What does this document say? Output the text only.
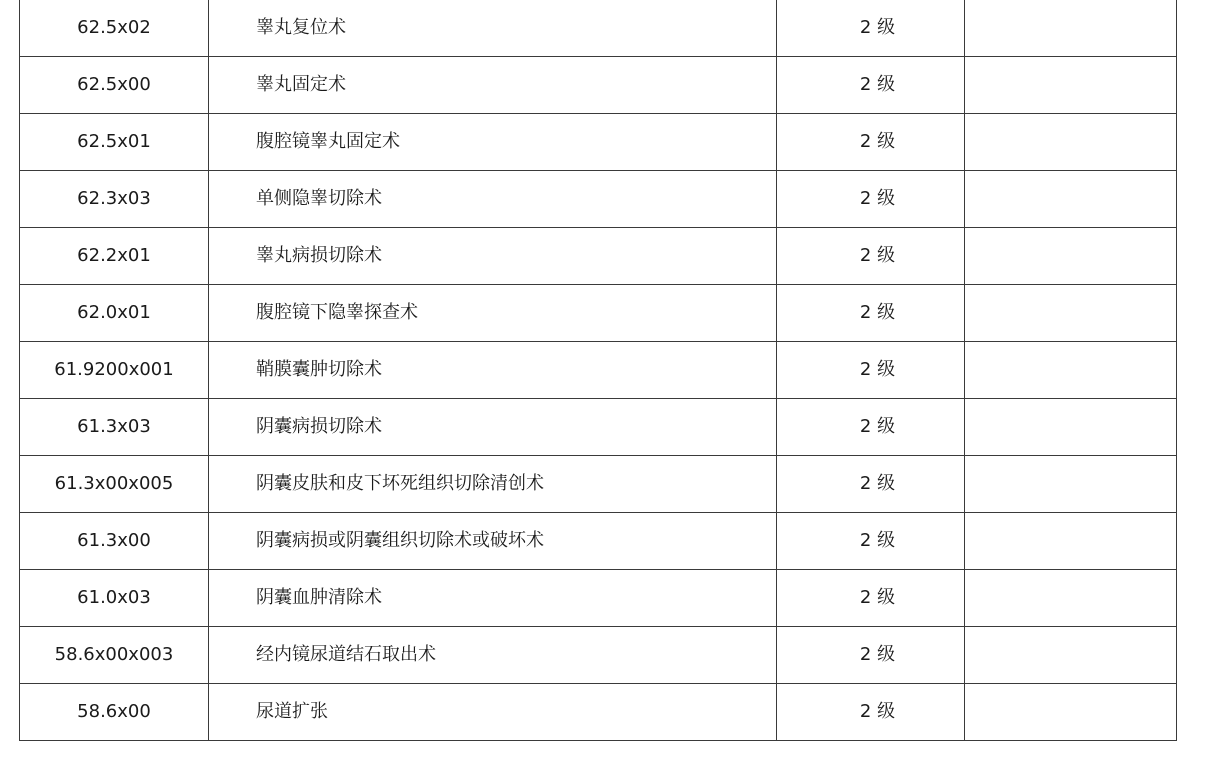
62.5x02	睾丸复位术	2 级	
62.5x00	睾丸固定术	2 级	
62.5x01	腹腔镜睾丸固定术	2 级	
62.3x03	单侧隐睾切除术	2 级	
62.2x01	睾丸病损切除术	2 级	
62.0x01	腹腔镜下隐睾探查术	2 级	
61.9200x001	鞘膜囊肿切除术	2 级	
61.3x03	阴囊病损切除术	2 级	
61.3x00x005	阴囊皮肤和皮下坏死组织切除清创术	2 级	
61.3x00	阴囊病损或阴囊组织切除术或破坏术	2 级	
61.0x03	阴囊血肿清除术	2 级	
58.6x00x003	经内镜尿道结石取出术	2 级	
58.6x00	尿道扩张	2 级	
